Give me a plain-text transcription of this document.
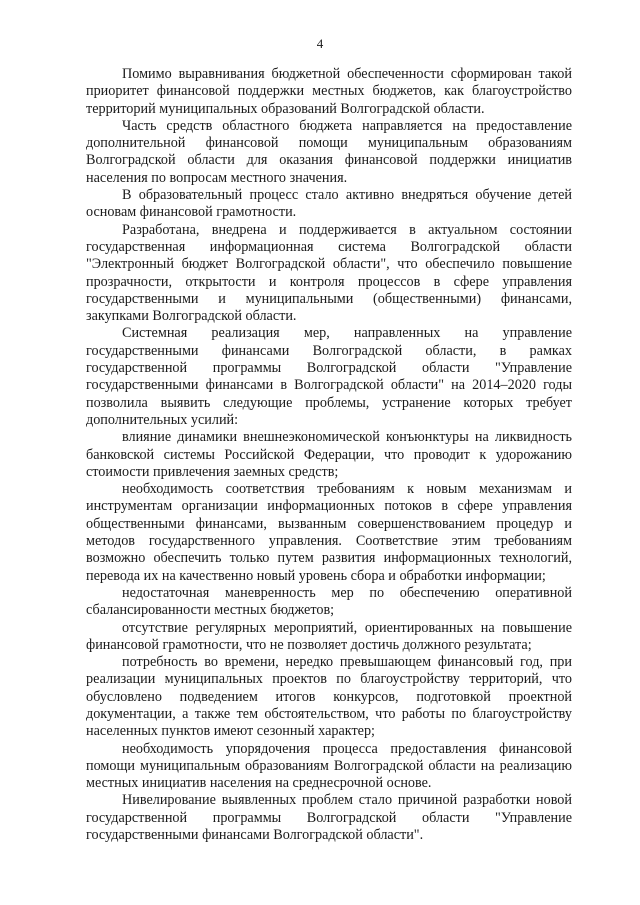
4

Помимо выравнивания бюджетной обеспеченности сформирован такой приоритет финансовой поддержки местных бюджетов, как благоустройство территорий муниципальных образований Волгоградской области.

Часть средств областного бюджета направляется на предоставление дополнительной финансовой помощи муниципальным образованиям Волгоградской области для оказания финансовой поддержки инициатив населения по вопросам местного значения.

В образовательный процесс стало активно внедряться обучение детей основам финансовой грамотности.

Разработана, внедрена и поддерживается в актуальном состоянии государственная информационная система Волгоградской области "Электронный бюджет Волгоградской области", что обеспечило повышение прозрачности, открытости и контроля процессов в сфере управления государственными и муниципальными (общественными) финансами, закупками Волгоградской области.

Системная реализация мер, направленных на управление государственными финансами Волгоградской области, в рамках государственной программы Волгоградской области "Управление государственными финансами в Волгоградской области" на 2014–2020 годы позволила выявить следующие проблемы, устранение которых требует дополнительных усилий:

влияние динамики внешнеэкономической конъюнктуры на ликвидность банковской системы Российской Федерации, что проводит к удорожанию стоимости привлечения заемных средств;

необходимость соответствия требованиям к новым механизмам и инструментам организации информационных потоков в сфере управления общественными финансами, вызванным совершенствованием процедур и методов государственного управления. Соответствие этим требованиям возможно обеспечить только путем развития информационных технологий, перевода их на качественно новый уровень сбора и обработки информации;

недостаточная маневренность мер по обеспечению оперативной сбалансированности местных бюджетов;

отсутствие регулярных мероприятий, ориентированных на повышение финансовой грамотности, что не позволяет достичь должного результата;

потребность во времени, нередко превышающем финансовый год, при реализации муниципальных проектов по благоустройству территорий, что обусловлено подведением итогов конкурсов, подготовкой проектной документации, а также тем обстоятельством, что работы по благоустройству населенных пунктов имеют сезонный характер;

необходимость упорядочения процесса предоставления финансовой помощи муниципальным образованиям Волгоградской области на реализацию местных инициатив населения на среднесрочной основе.

Нивелирование выявленных проблем стало причиной разработки новой государственной программы Волгоградской области "Управление государственными финансами Волгоградской области".
